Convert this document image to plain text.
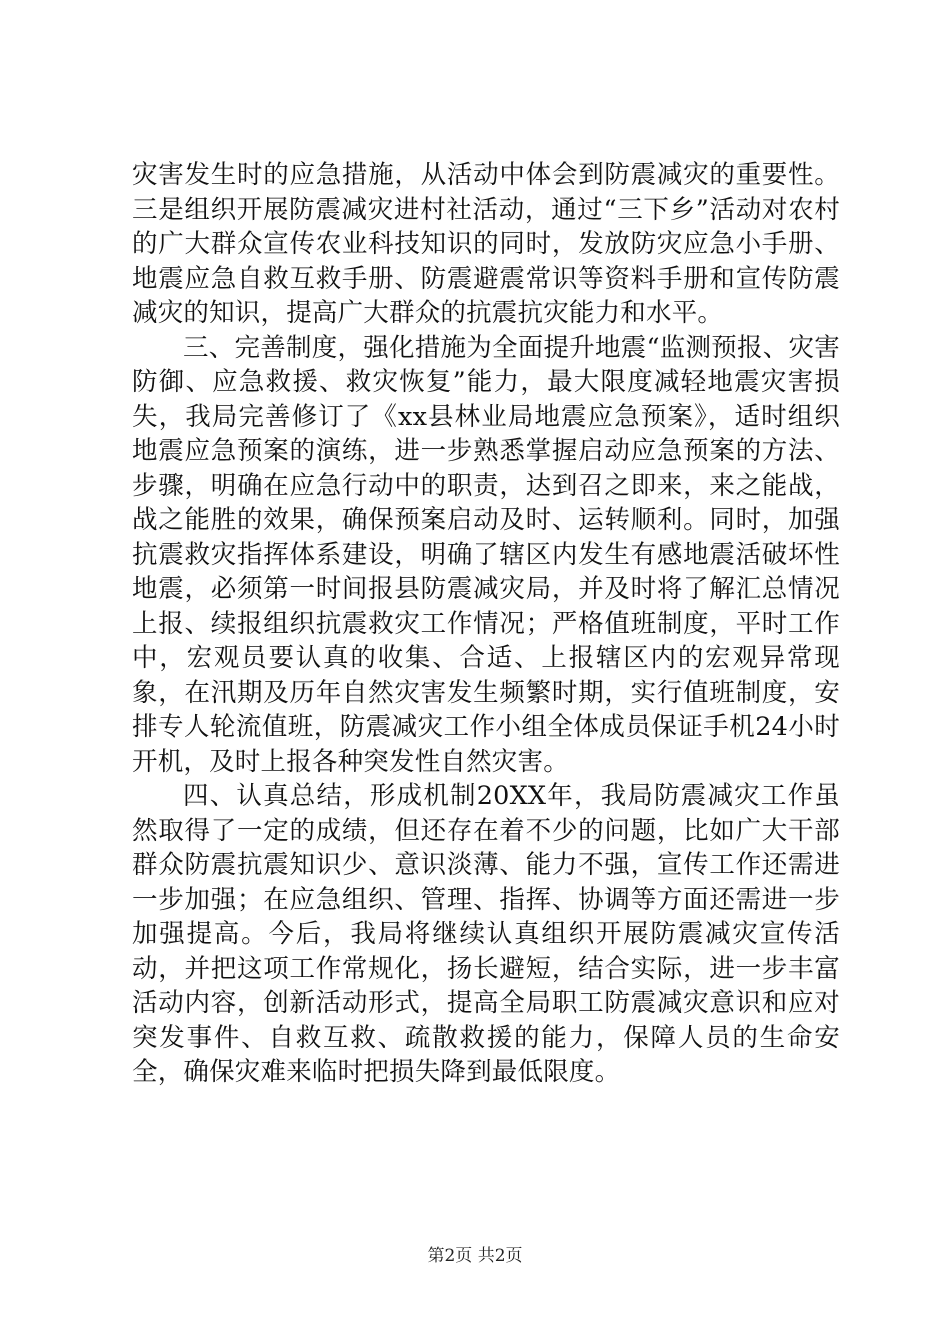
灾害发生时的应急措施，从活动中体会到防震减灾的重要性。三是组织开展防震减灾进村社活动，通过“三下乡”活动对农村的广大群众宣传农业科技知识的同时，发放防灾应急小手册、地震应急自救互救手册、防震避震常识等资料手册和宣传防震减灾的知识，提高广大群众的抗震抗灾能力和水平。

三、完善制度，强化措施为全面提升地震“监测预报、灾害防御、应急救援、救灾恢复”能力，最大限度减轻地震灾害损失，我局完善修订了《xx县林业局地震应急预案》，适时组织地震应急预案的演练，进一步熟悉掌握启动应急预案的方法、步骤，明确在应急行动中的职责，达到召之即来，来之能战，战之能胜的效果，确保预案启动及时、运转顺利。同时，加强抗震救灾指挥体系建设，明确了辖区内发生有感地震活破坏性地震，必须第一时间报县防震减灾局，并及时将了解汇总情况上报、续报组织抗震救灾工作情况；严格值班制度，平时工作中，宏观员要认真的收集、合适、上报辖区内的宏观异常现象，在汛期及历年自然灾害发生频繁时期，实行值班制度，安排专人轮流值班，防震减灾工作小组全体成员保证手机24小时开机，及时上报各种突发性自然灾害。

四、认真总结，形成机制20XX年，我局防震减灾工作虽然取得了一定的成绩，但还存在着不少的问题，比如广大干部群众防震抗震知识少、意识淡薄、能力不强，宣传工作还需进一步加强；在应急组织、管理、指挥、协调等方面还需进一步加强提高。今后，我局将继续认真组织开展防震减灾宣传活动，并把这项工作常规化，扬长避短，结合实际，进一步丰富活动内容，创新活动形式，提高全局职工防震减灾意识和应对突发事件、自救互救、疏散救援的能力，保障人员的生命安全，确保灾难来临时把损失降到最低限度。

第2页 共2页
